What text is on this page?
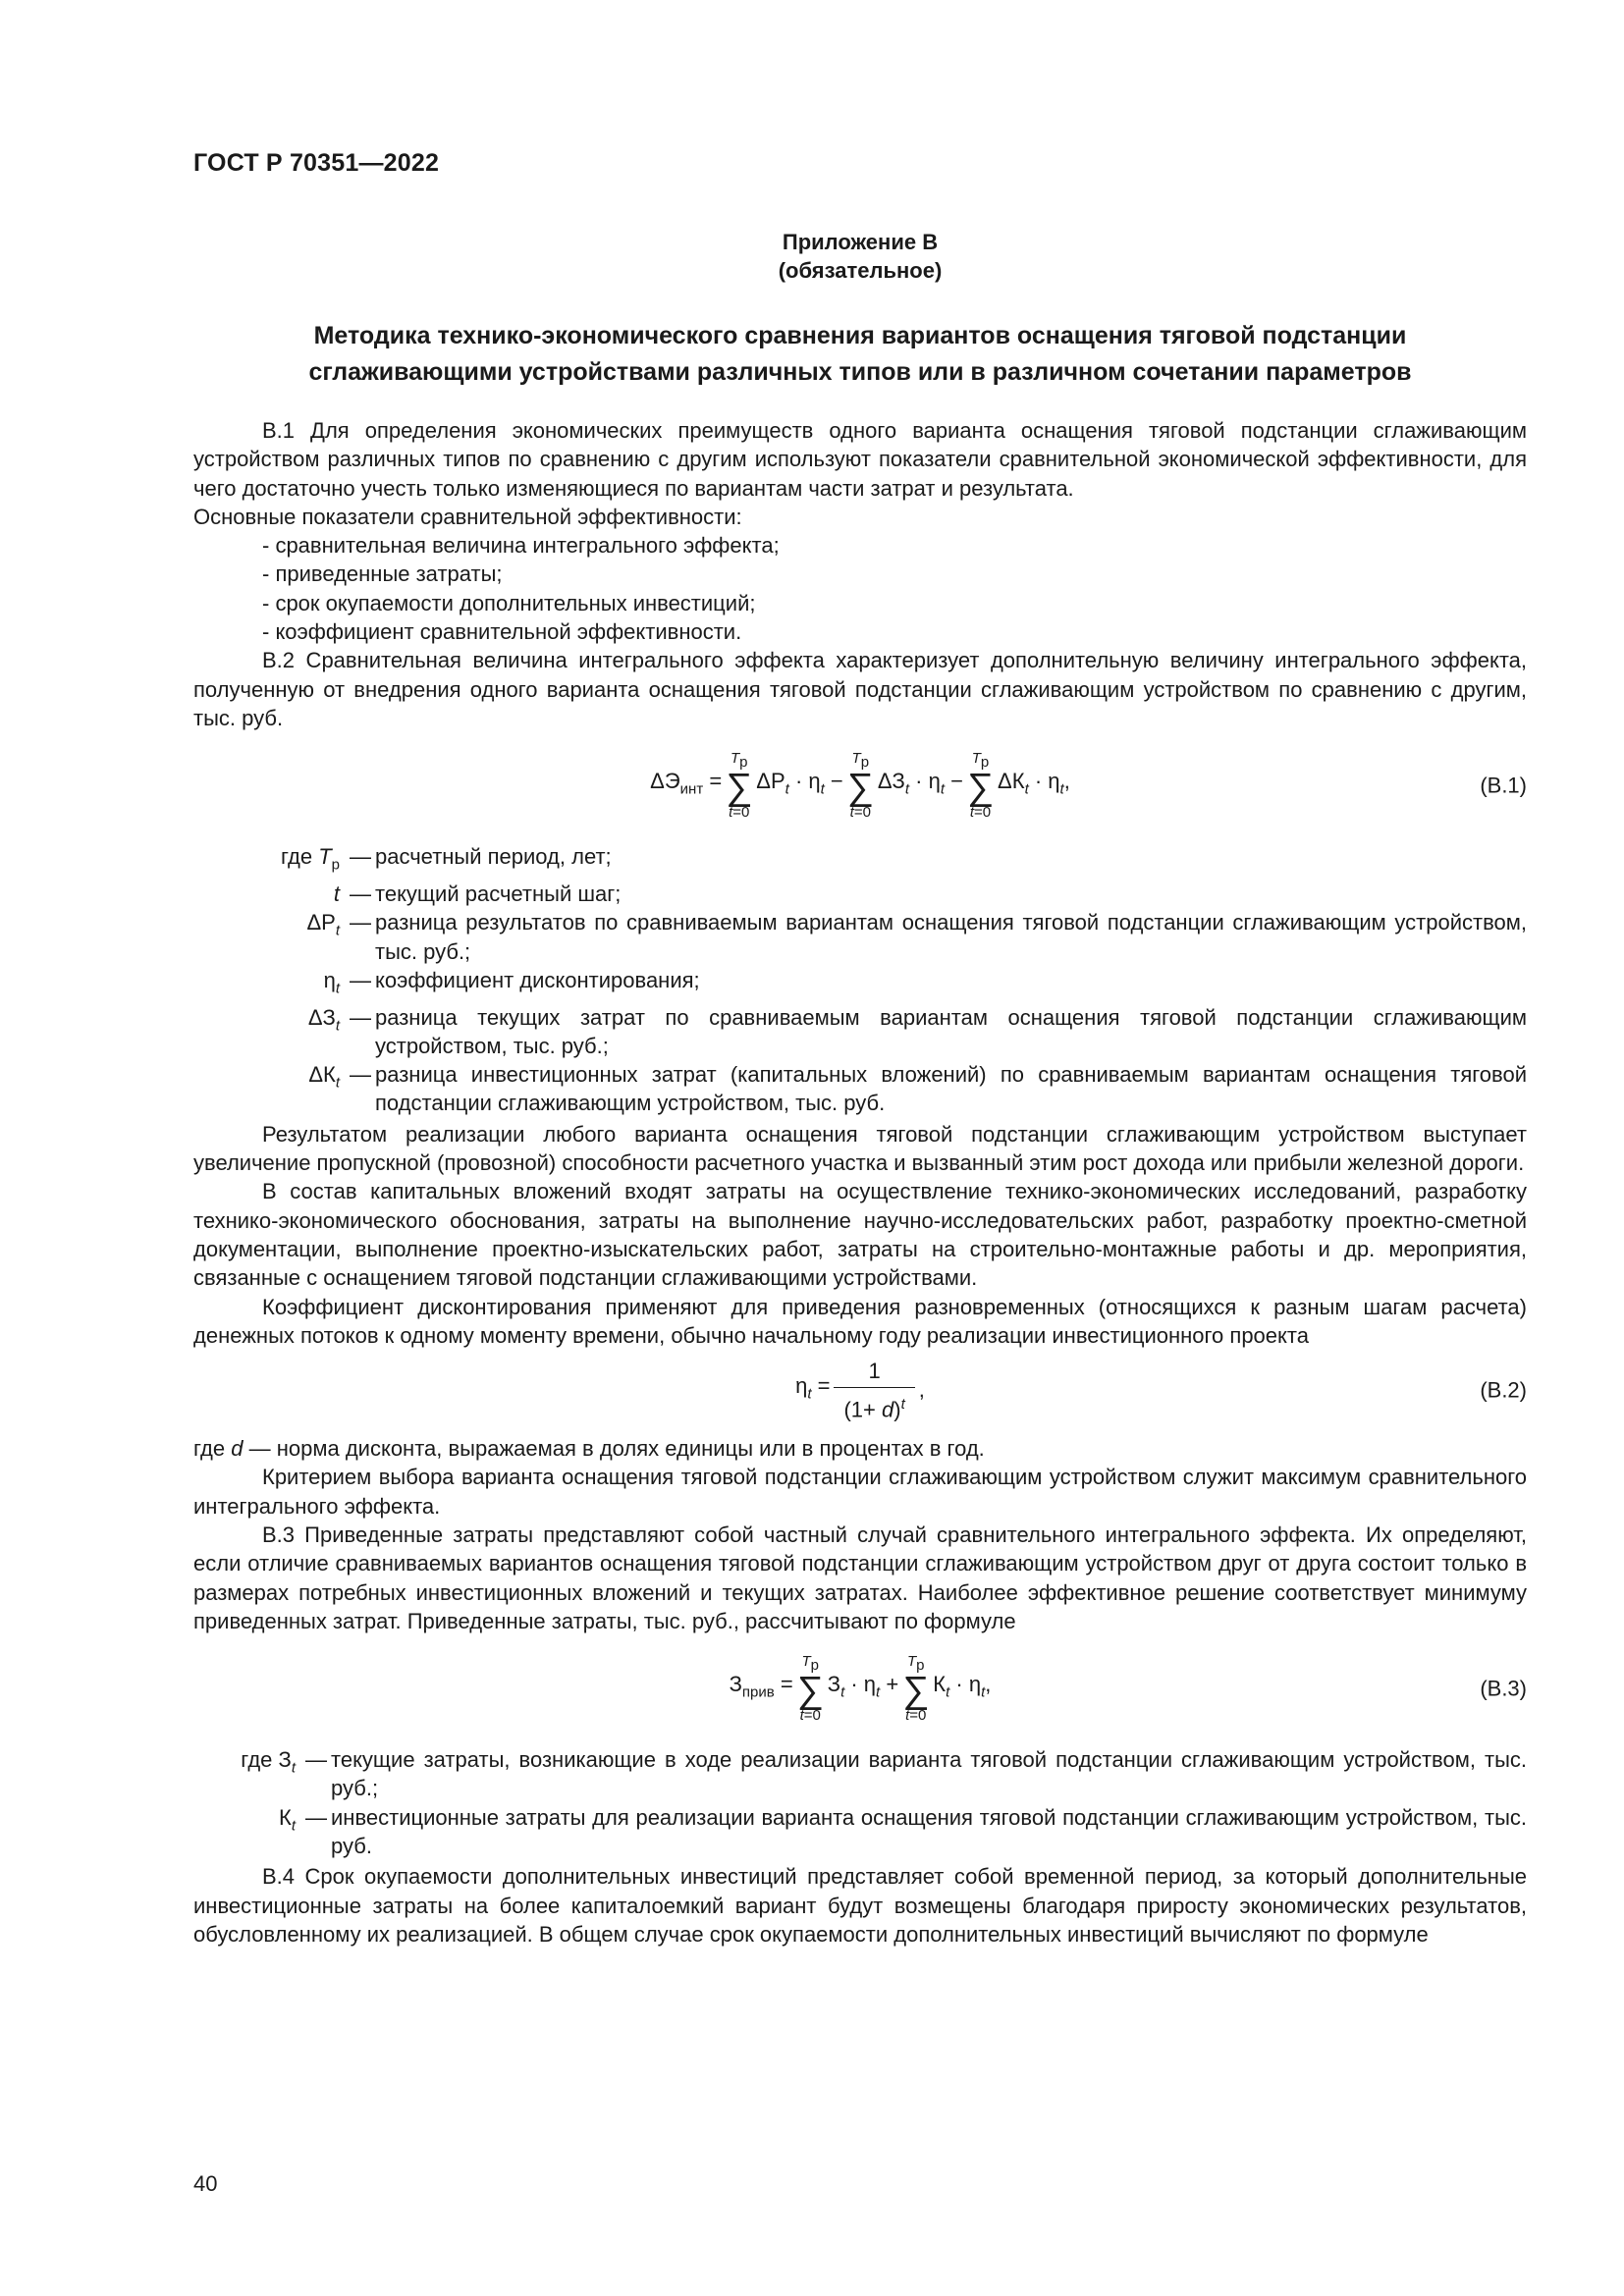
ГОСТ Р 70351—2022
Приложение В
(обязательное)
Методика технико-экономического сравнения вариантов оснащения тяговой подстанции
сглаживающими устройствами различных типов или в различном сочетании параметров

В.1 Для определения экономических преимуществ одного варианта оснащения тяговой подстанции сглаживающим устройством различных типов по сравнению с другим используют показатели сравнительной экономической эффективности, для чего достаточно учесть только изменяющиеся по вариантам части затрат и результата.

Основные показатели сравнительной эффективности:

- сравнительная величина интегрального эффекта;

- приведенные затраты;

- срок окупаемости дополнительных инвестиций;

- коэффициент сравнительной эффективности.

В.2 Сравнительная величина интегрального эффекта характеризует дополнительную величину интегрального эффекта, полученную от внедрения одного варианта оснащения тяговой подстанции сглаживающим устройством по сравнению с другим, тыс. руб.

$\Delta Э_{инт}$ =
$T_р$
∑
t=0
$\Delta Р_t \cdot \eta_t$ −
$T_р$
∑
t=0
$\Delta З_t \cdot \eta_t$ −
$T_р$
∑
t=0
$\Delta К_t \cdot \eta_t$,	(В.1)
где $T_р$ — расчетный период, лет;
t — текущий расчетный шаг;
$\Delta Р_t$ — разница результатов по сравниваемым вариантам оснащения тяговой подстанции сглаживающим устройством, тыс. руб.;
$\eta_t$ — коэффициент дисконтирования;
$\Delta З_t$ — разница текущих затрат по сравниваемым вариантам оснащения тяговой подстанции сглаживающим устройством, тыс. руб.;
$\Delta К_t$ — разница инвестиционных затрат (капитальных вложений) по сравниваемым вариантам оснащения тяговой подстанции сглаживающим устройством, тыс. руб.

Результатом реализации любого варианта оснащения тяговой подстанции сглаживающим устройством выступает увеличение пропускной (провозной) способности расчетного участка и вызванный этим рост дохода или прибыли железной дороги.

В состав капитальных вложений входят затраты на осуществление технико-экономических исследований, разработку технико-экономического обоснования, затраты на выполнение научно-исследовательских работ, разработку проектно-сметной документации, выполнение проектно-изыскательских работ, затраты на строительно-монтажные работы и др. мероприятия, связанные с оснащением тяговой подстанции сглаживающими устройствами.

Коэффициент дисконтирования применяют для приведения разновременных (относящихся к разным шагам расчета) денежных потоков к одному моменту времени, обычно начальному году реализации инвестиционного проекта

$\eta_t = \frac{1}{(1+ d)^t}$ ,	(В.2)

где d — норма дисконта, выражаемая в долях единицы или в процентах в год.

Критерием выбора варианта оснащения тяговой подстанции сглаживающим устройством служит максимум сравнительного интегрального эффекта.

В.3 Приведенные затраты представляют собой частный случай сравнительного интегрального эффекта. Их определяют, если отличие сравниваемых вариантов оснащения тяговой подстанции сглаживающим устройством друг от друга состоит только в размерах потребных инвестиционных вложений и текущих затратах. Наиболее эффективное решение соответствует минимуму приведенных затрат. Приведенные затраты, тыс. руб., рассчитывают по формуле

$З_{прив}$ =
$T_р$
∑
t=0
$З_t \cdot \eta_t$ +
$T_р$
∑
t=0
$К_t \cdot \eta_t$,	(В.3)
где $З_t$ — текущие затраты, возникающие в ходе реализации варианта тяговой подстанции сглаживающим устройством, тыс. руб.;
$К_t$ — инвестиционные затраты для реализации варианта оснащения тяговой подстанции сглаживающим устройством, тыс. руб.

В.4 Срок окупаемости дополнительных инвестиций представляет собой временной период, за который дополнительные инвестиционные затраты на более капиталоемкий вариант будут возмещены благодаря приросту экономических результатов, обусловленному их реализацией. В общем случае срок окупаемости дополнительных инвестиций вычисляют по формуле

40
